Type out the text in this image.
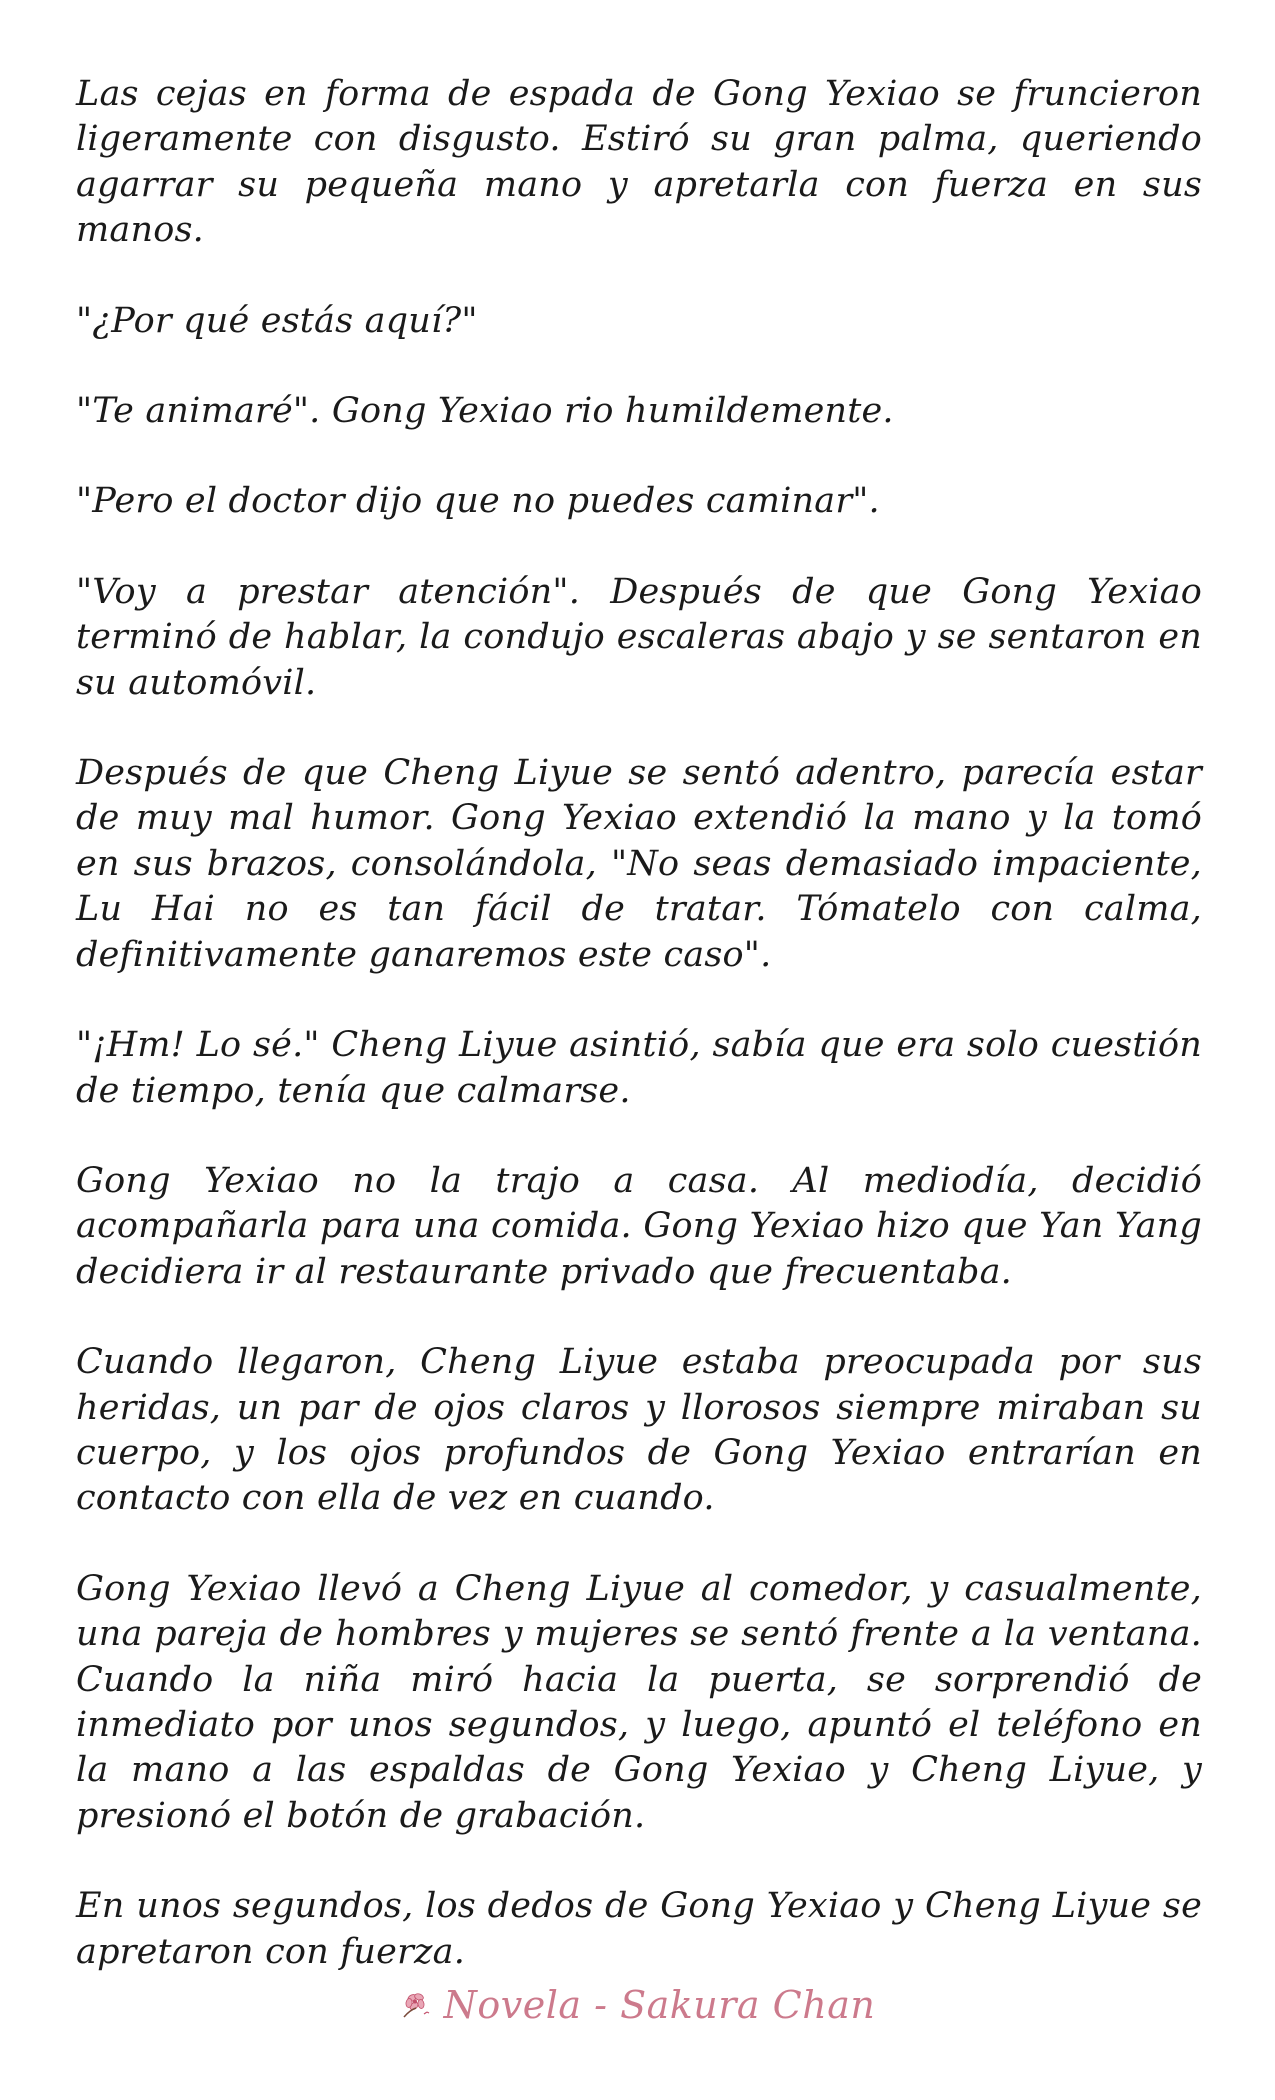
Las cejas en forma de espada de Gong Yexiao se fruncieron ligeramente con disgusto. Estiró su gran palma, queriendo agarrar su pequeña mano y apretarla con fuerza en sus manos.

"¿Por qué estás aquí?"

"Te animaré". Gong Yexiao rio humildemente.

"Pero el doctor dijo que no puedes caminar".

"Voy a prestar atención". Después de que Gong Yexiao terminó de hablar, la condujo escaleras abajo y se sentaron en su automóvil.

Después de que Cheng Liyue se sentó adentro, parecía estar de muy mal humor. Gong Yexiao extendió la mano y la tomó en sus brazos, consolándola, "No seas demasiado impaciente, Lu Hai no es tan fácil de tratar. Tómatelo con calma, definitivamente ganaremos este caso".

"¡Hm! Lo sé." Cheng Liyue asintió, sabía que era solo cuestión de tiempo, tenía que calmarse.

Gong Yexiao no la trajo a casa. Al mediodía, decidió acompañarla para una comida. Gong Yexiao hizo que Yan Yang decidiera ir al restaurante privado que frecuentaba.

Cuando llegaron, Cheng Liyue estaba preocupada por sus heridas, un par de ojos claros y llorosos siempre miraban su cuerpo, y los ojos profundos de Gong Yexiao entrarían en contacto con ella de vez en cuando.

Gong Yexiao llevó a Cheng Liyue al comedor, y casualmente, una pareja de hombres y mujeres se sentó frente a la ventana. Cuando la niña miró hacia la puerta, se sorprendió de inmediato por unos segundos, y luego, apuntó el teléfono en la mano a las espaldas de Gong Yexiao y Cheng Liyue, y presionó el botón de grabación.

En unos segundos, los dedos de Gong Yexiao y Cheng Liyue se apretaron con fuerza.

Novela - Sakura Chan
